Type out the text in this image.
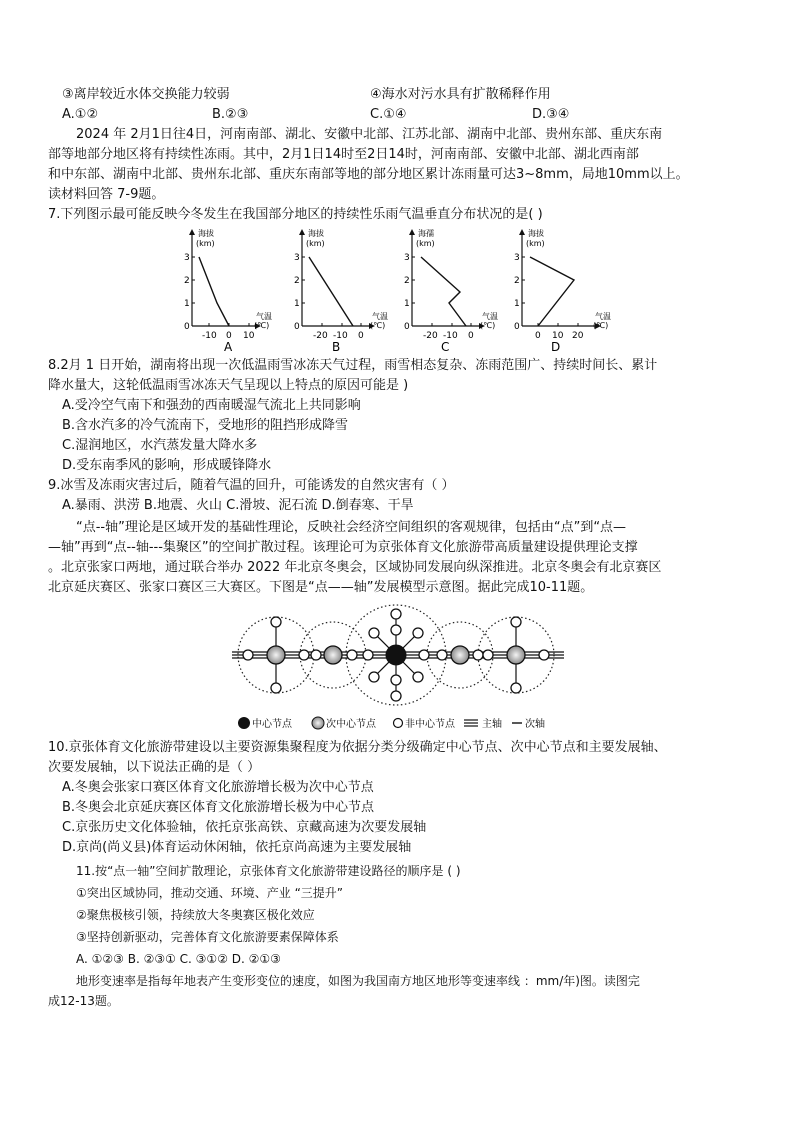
③离岸较近水体交换能力较弱	④海水对污水具有扩散稀释作用
A.①②	B.②③	C.①④	D.③④
2024 年 2月1日往4日，河南南部、湖北、安徽中北部、江苏北部、湖南中北部、贵州东部、重庆东南
部等地部分地区将有持续性冻雨。其中，2月1日14时至2日14时，河南南部、安徽中北部、湖北西南部
和中东部、湖南中北部、贵州东北部、重庆东南部等地的部分地区累计冻雨量可达3~8mm，局地10mm以上。
读材料回答 7-9题。
7.下列图示最可能反映今冬发生在我国部分地区的持续性乐雨气温垂直分布状况的是( )
海拔
(km)
0
1
2
3
-10 0 10
气温
(℃)
A
海拔
(km)
0
1
2
3
-20 -10 0
气温
(℃)
B
海孺
(km)
0
1
2
3
-20 -10 0
气温
(℃)
C
海拔
(km)
0
1
2
3
0 10 20
气温
(℃)
D
8.2月 1 日开始，湖南将出现一次低温雨雪冰冻天气过程，雨雪相态复杂、冻雨范围广、持续时间长、累计
降水量大，这轮低温雨雪冰冻天气呈现以上特点的原因可能是 )
A.受冷空气南下和强劲的西南暖湿气流北上共同影响
B.含水汽多的冷气流南下，受地形的阻挡形成降雪
C.湿润地区，水汽蒸发量大降水多
D.受东南季风的影响，形成暖锋降水
9.冰雪及冻雨灾害过后，随着气温的回升，可能诱发的自然灾害有（ ）
A.暴雨、洪涝 B.地震、火山 C.滑坡、泥石流 D.倒春寒、干旱
“点--轴”理论是区域开发的基础性理论，反映社会经济空间组织的客观规律，包括由“点”到“点—
—轴”再到“点--轴---集聚区”的空间扩散过程。该理论可为京张体育文化旅游带高质量建设提供理论支撑
。北京张家口两地，通过联合举办 2022 年北京冬奥会，区域协同发展向纵深推进。北京冬奥会有北京赛区
北京延庆赛区、张家口赛区三大赛区。下图是“点——轴”发展模型示意图。据此完成10-11题。
中心节点	次中心节点	非中心节点	主轴 次轴
10.京张体育文化旅游带建设以主要资源集聚程度为依据分类分级确定中心节点、次中心节点和主要发展轴、
次要发展轴，以下说法正确的是（ ）
A.冬奥会张家口赛区体育文化旅游增长极为次中心节点
B.冬奥会北京延庆赛区体育文化旅游增长极为中心节点
C.京张历史文化体验轴，依托京张高铁、京藏高速为次要发展轴
D.京尚(尚义县)体育运动休闲轴，依托京尚高速为主要发展轴
11.按“点一轴”空间扩散理论，京张体育文化旅游带建设路径的顺序是 ( )
①突出区域协同，推动交通、环境、产业 “三提升”
②聚焦极核引领，持续放大冬奥赛区极化效应
③坚持创新驱动，完善体育文化旅游要素保障体系
A. ①②③ B. ②③① C. ③①② D. ②①③
地形变速率是指每年地表产生变形变位的速度，如图为我国南方地区地形等变速率线 ：mm/年)图。读图完
成12-13题。
